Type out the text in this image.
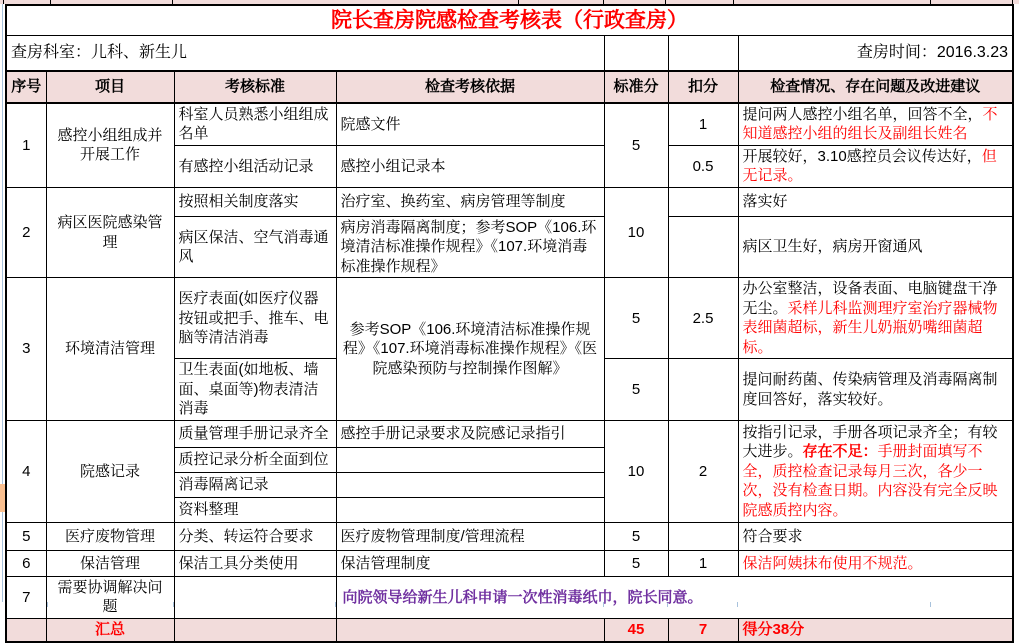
院长查房院感检查考核表（行政查房）						

查房科室：儿科、新生儿						查房时间：2016.3.23
序号	项目	考核标准	检查考核依据	标准分	扣分	检查情况、存在问题及改进建议
1	感控小组组成并开展工作	科室人员熟悉小组组成名单	院感文件	5	1	提问两人感控小组名单，回答不全，不知道感控小组的组长及副组长姓名
		有感控小组活动记录	感控小组记录本		0.5	开展较好，3.10感控员会议传达好，但无记录。
2	病区医院感染管理	按照相关制度落实	治疗室、换药室、病房管理等制度	10		落实好
		病区保洁、空气消毒通风	病房消毒隔离制度；参考SOP《106.环境清洁标准操作规程》《107.环境消毒标准操作规程》			病区卫生好，病房开窗通风
3	环境清洁管理	医疗表面(如医疗仪器按钮或把手、推车、电脑等清洁消毒	参考SOP《106.环境清洁标准操作规程》《107.环境消毒标准操作规程》《医院感染预防与控制操作图解》	5	2.5	办公室整洁，设备表面、电脑键盘干净无尘。采样儿科监测理疗室治疗器械物表细菌超标，新生儿奶瓶奶嘴细菌超标。
		卫生表面(如地板、墙面、桌面等)物表清洁消毒		5		提问耐药菌、传染病管理及消毒隔离制度回答好，落实较好。
4	院感记录	质量管理手册记录齐全	感控手册记录要求及院感记录指引	10	2	按指引记录，手册各项记录齐全；有较大进步。存在不足：手册封面填写不全，质控检查记录每月三次，各少一次，没有检查日期。内容没有完全反映院感质控内容。
		质控记录分析全面到位				
		消毒隔离记录				
		资料整理				
5	医疗废物管理	分类、转运符合要求	医疗废物管理制度/管理流程	5		符合要求
6	保洁管理	保洁工具分类使用	保洁管理制度	5	1	保洁阿姨抹布使用不规范。
7	需要协调解决问题		向院领导给新生儿科申请一次性消毒纸巾，院长同意。			
	汇总			45	7	得分38分
